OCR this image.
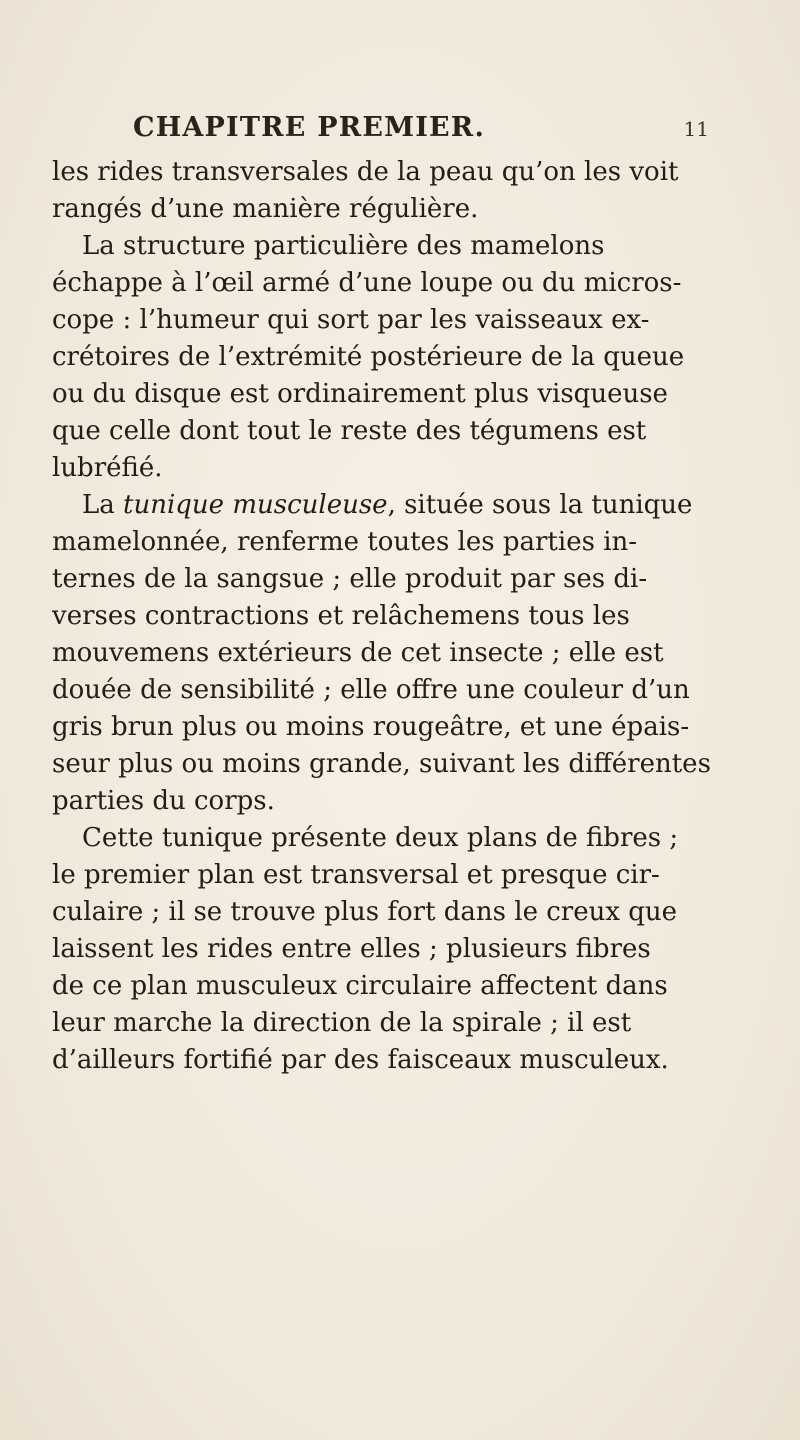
CHAPITRE PREMIER.	11
les rides transversales de la peau qu’on les voit
rangés d’une manière régulière.
La structure particulière des mamelons
échappe à l’œil armé d’une loupe ou du micros-
cope : l’humeur qui sort par les vaisseaux ex-
crétoires de l’extrémité postérieure de la queue
ou du disque est ordinairement plus visqueuse
que celle dont tout le reste des tégumens est
lubréfié.
La tunique musculeuse, située sous la tunique
mamelonnée, renferme toutes les parties in-
ternes de la sangsue ; elle produit par ses di-
verses contractions et relâchemens tous les
mouvemens extérieurs de cet insecte ; elle est
douée de sensibilité ; elle offre une couleur d’un
gris brun plus ou moins rougeâtre, et une épais-
seur plus ou moins grande, suivant les différentes
parties du corps.
Cette tunique présente deux plans de fibres ;
le premier plan est transversal et presque cir-
culaire ; il se trouve plus fort dans le creux que
laissent les rides entre elles ; plusieurs fibres
de ce plan musculeux circulaire affectent dans
leur marche la direction de la spirale ; il est
d’ailleurs fortifié par des faisceaux musculeux.
